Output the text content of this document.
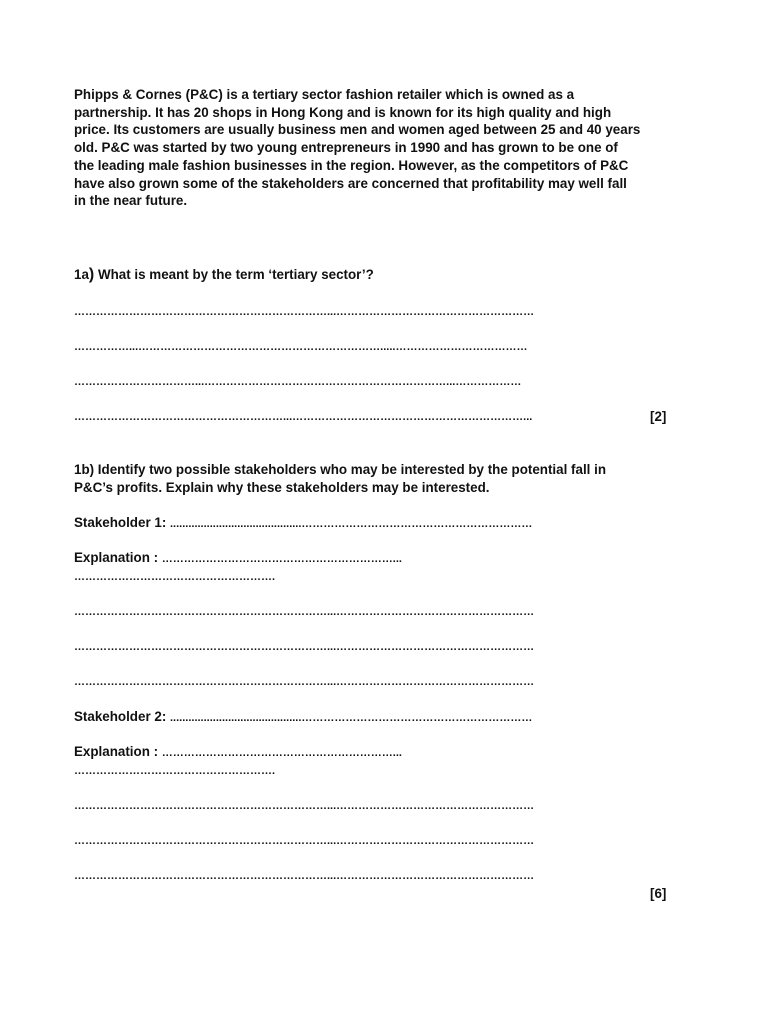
Phipps & Cornes (P&C) is a tertiary sector fashion retailer which is owned as a
partnership. It has 20 shops in Hong Kong and is known for its high quality and high
price. Its customers are usually business men and women aged between 25 and 40 years
old. P&C was started by two young entrepreneurs in 1990 and has grown to be one of
the leading male fashion businesses in the region. However, as the competitors of P&C
have also grown some of the stakeholders are concerned that profitability may well fall
in the near future.
1a) What is meant by the term ‘tertiary sector’?
……………………………………………………………...………………………………………………
……………...………………………………………………………….....………………………………
……………………………...…………………………………………………………...………………
…………………………………………………...………………………………………………………...	[2]
1b) Identify two possible stakeholders who may be interested by the potential fall in
P&C’s profits. Explain why these stakeholders may be interested.
Stakeholder 1: ...........................................………………………………………………………
Explanation : ………………………………………………………...
……………………………………………….
……………………………………………………………...………………………………………………
……………………………………………………………...………………………………………………
……………………………………………………………...………………………………………………
Stakeholder 2: ...........................................………………………………………………………
Explanation : ………………………………………………………...
……………………………………………….
……………………………………………………………...………………………………………………
……………………………………………………………...………………………………………………
……………………………………………………………...………………………………………………
[6]
